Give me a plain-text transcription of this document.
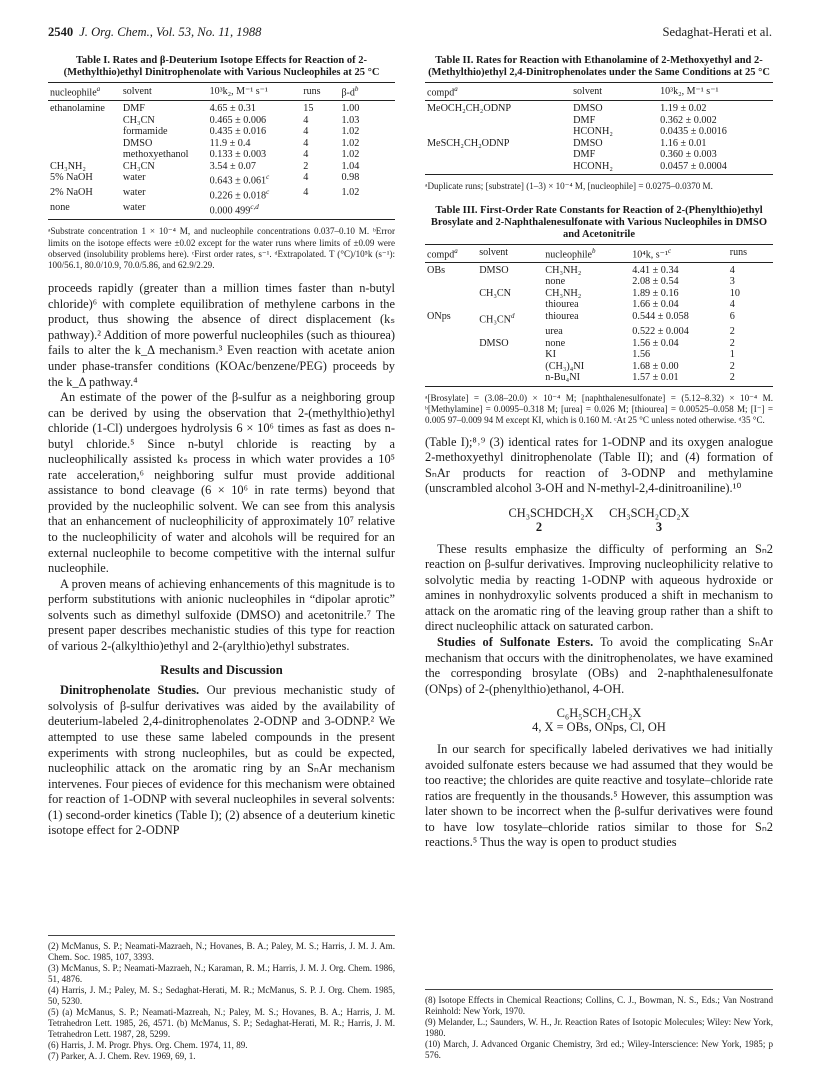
2540 J. Org. Chem., Vol. 53, No. 11, 1988	Sedaghat-Herati et al.
Table I. Rates and β-Deuterium Isotope Effects for Reaction of 2-(Methylthio)ethyl Dinitrophenolate with Various Nucleophiles at 25 °C
nucleophile$^a$	solvent	10³k₂, M⁻¹ s⁻¹	runs	$\beta-d^b$
ethanolamine	DMF	4.65 ± 0.31	15	1.00
	CH₃CN	0.465 ± 0.006	4	1.03
	formamide	0.435 ± 0.016	4	1.02
	DMSO	11.9 ± 0.4	4	1.02
	methoxyethanol	0.133 ± 0.003	4	1.02
CH₃NH₂	CH₃CN	3.54 ± 0.07	2	1.04
5% NaOH	water	0.643 ± 0.061$^c$	4	0.98
2% NaOH	water	0.226 ± 0.018$^c$	4	1.02
none	water	0.000 499$^{c,d}$		

ᵃSubstrate concentration 1 × 10⁻⁴ M, and nucleophile concentrations 0.037–0.10 M. ᵇError limits on the isotope effects were ±0.02 except for the water runs where limits of ±0.09 were observed (insolubility problems here). ᶜFirst order rates, s⁻¹. ᵈExtrapolated. T (°C)/10⁵k (s⁻¹): 100/56.1, 80.0/10.9, 70.0/5.86, and 62.9/2.29.

proceeds rapidly (greater than a million times faster than n-butyl chloride)⁶ with complete equilibration of methylene carbons in the product, thus showing the absence of direct displacement (kₛ pathway).² Addition of more powerful nucleophiles (such as thiourea) fails to alter the k_Δ mechanism.³ Even reaction with acetate anion under phase-transfer conditions (KOAc/benzene/PEG) proceeds by the k_Δ pathway.⁴

An estimate of the power of the β-sulfur as a neighboring group can be derived by using the observation that 2-(methylthio)ethyl chloride (1-Cl) undergoes hydrolysis 6 × 10⁶ times as fast as does n-butyl chloride.⁵ Since n-butyl chloride is reacting by a nucleophilically assisted kₛ process in which water provides a 10⁵ rate acceleration,⁶ neighboring sulfur must provide additional assistance to bond cleavage (6 × 10⁶ in rate terms) beyond that provided by the nucleophilic solvent. We can see from this analysis that an enhancement of nucleophilicity of approximately 10⁷ relative to the nucleophilicity of water and alcohols will be required for an external nucleophile to become competitive with the internal sulfur nucleophile.

A proven means of achieving enhancements of this magnitude is to perform substitutions with anionic nucleophiles in “dipolar aprotic” solvents such as dimethyl sulfoxide (DMSO) and acetonitrile.⁷ The present paper describes mechanistic studies of this type for reaction of various 2-(alkylthio)ethyl and 2-(arylthio)ethyl substrates.

Results and Discussion

Dinitrophenolate Studies. Our previous mechanistic study of solvolysis of β-sulfur derivatives was aided by the availability of deuterium-labeled 2,4-dinitrophenolates 2-ODNP and 3-ODNP.² We attempted to use these same labeled compounds in the present experiments with strong nucleophiles, but as could be expected, nucleophilic attack on the aromatic ring by an SₙAr mechanism intervenes. Four pieces of evidence for this mechanism were obtained for reaction of 1-ODNP with several nucleophiles in several solvents: (1) second-order kinetics (Table I); (2) absence of a deuterium kinetic isotope effect for 2-ODNP

(2) McManus, S. P.; Neamati-Mazraeh, N.; Hovanes, B. A.; Paley, M. S.; Harris, J. M. J. Am. Chem. Soc. 1985, 107, 3393.

(3) McManus, S. P.; Neamati-Mazraeh, N.; Karaman, R. M.; Harris, J. M. J. Org. Chem. 1986, 51, 4876.

(4) Harris, J. M.; Paley, M. S.; Sedaghat-Herati, M. R.; McManus, S. P. J. Org. Chem. 1985, 50, 5230.

(5) (a) McManus, S. P.; Neamati-Mazreah, N.; Paley, M. S.; Hovanes, B. A.; Harris, J. M. Tetrahedron Lett. 1985, 26, 4571. (b) McManus, S. P.; Sedaghat-Herati, M. R.; Harris, J. M. Tetrahedron Lett. 1987, 28, 5299.

(6) Harris, J. M. Progr. Phys. Org. Chem. 1974, 11, 89.

(7) Parker, A. J. Chem. Rev. 1969, 69, 1.

Table II. Rates for Reaction with Ethanolamine of 2-Methoxyethyl and 2-(Methylthio)ethyl 2,4-Dinitrophenolates under the Same Conditions at 25 °C
compd$^a$	solvent	10³k₂, M⁻¹ s⁻¹
MeOCH₂CH₂ODNP	DMSO	1.19 ± 0.02
	DMF	0.362 ± 0.002
	HCONH₂	0.0435 ± 0.0016
MeSCH₂CH₂ODNP	DMSO	1.16 ± 0.01
	DMF	0.360 ± 0.003
	HCONH₂	0.0457 ± 0.0004

ᵃDuplicate runs; [substrate] (1–3) × 10⁻⁴ M, [nucleophile] = 0.0275–0.0370 M.

Table III. First-Order Rate Constants for Reaction of 2-(Phenylthio)ethyl Brosylate and 2-Naphthalenesulfonate with Various Nucleophiles in DMSO and Acetonitrile
compd$^a$	solvent	nucleophile$^b$	10⁴k, s⁻¹$^c$	runs
OBs	DMSO	CH₃NH₂	4.41 ± 0.34	4
		none	2.08 ± 0.54	3
	CH₃CN	CH₃NH₂	1.89 ± 0.16	10
		thiourea	1.66 ± 0.04	4
ONps	$CH_3CN^d$	thiourea	0.544 ± 0.058	6
		urea	0.522 ± 0.004	2
	DMSO	none	1.56 ± 0.04	2
		KI	1.56	1
		(CH₃)₄NI	1.68 ± 0.00	2
		n-Bu₄NI	1.57 ± 0.01	2

ᵃ[Brosylate] = (3.08–20.0) × 10⁻⁴ M; [naphthalenesulfonate] = (5.12–8.32) × 10⁻⁴ M. ᵇ[Methylamine] = 0.0095–0.318 M; [urea] = 0.026 M; [thiourea] = 0.00525–0.058 M; [I⁻] = 0.005 97–0.009 94 M except KI, which is 0.160 M. ᶜAt 25 °C unless noted otherwise. ᵈ35 °C.

(Table I);⁸˒⁹ (3) identical rates for 1-ODNP and its oxygen analogue 2-methoxyethyl dinitrophenolate (Table II); and (4) formation of SₙAr products for reaction of 3-ODNP and methylamine (unscrambled alcohol 3-OH and N-methyl-2,4-dinitroaniline).¹⁰

CH₃SCHDCH₂X CH₃SCH₂CD₂X
2	3

These results emphasize the difficulty of performing an Sₙ2 reaction on β-sulfur derivatives. Improving nucleophilicity relative to solvolytic media by reacting 1-ODNP with aqueous hydroxide or amines in nonhydroxylic solvents produced a shift in mechanism to attack on the aromatic ring of the leaving group rather than a shift to direct nucleophilic attack on saturated carbon.

Studies of Sulfonate Esters. To avoid the complicating SₙAr mechanism that occurs with the dinitrophenolates, we have examined the corresponding brosylate (OBs) and 2-naphthalenesulfonate (ONps) of 2-(phenylthio)ethanol, 4-OH.

C₆H₅SCH₂CH₂X
4, X = OBs, ONps, Cl, OH

In our search for specifically labeled derivatives we had initially avoided sulfonate esters because we had assumed that they would be too reactive; the chlorides are quite reactive and tosylate–chloride rate ratios are frequently in the thousands.⁵ However, this assumption was later shown to be incorrect when the β-sulfur derivatives were found to have low tosylate–chloride ratios similar to those for Sₙ2 reactions.⁵ Thus the way is open to product studies

(8) Isotope Effects in Chemical Reactions; Collins, C. J., Bowman, N. S., Eds.; Van Nostrand Reinhold: New York, 1970.

(9) Melander, L.; Saunders, W. H., Jr. Reaction Rates of Isotopic Molecules; Wiley: New York, 1980.

(10) March, J. Advanced Organic Chemistry, 3rd ed.; Wiley-Interscience: New York, 1985; p 576.
